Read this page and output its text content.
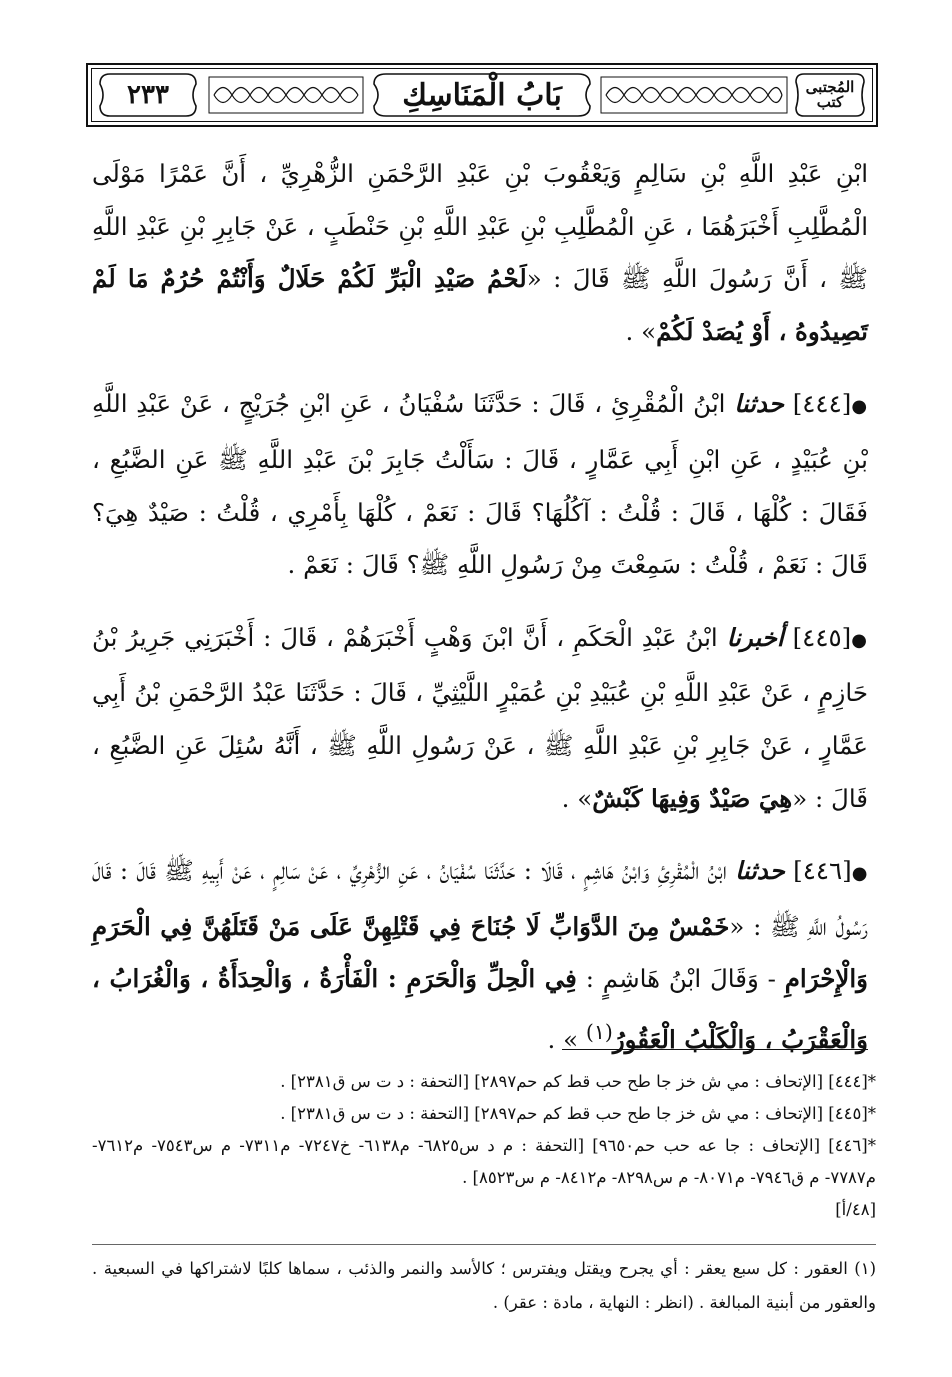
٢٣٣	بَابُ الْمَنَاسِكِ	المُجتبى
كتب

ابْنِ عَبْدِ اللَّهِ بْنِ سَالِمٍ وَيَعْقُوبَ بْنِ عَبْدِ الرَّحْمَنِ الزُّهْرِيِّ ، أَنَّ عَمْرًا مَوْلَى الْمُطَّلِبِ أَخْبَرَهُمَا ، عَنِ الْمُطَّلِبِ بْنِ عَبْدِ اللَّهِ بْنِ حَنْطَبٍ ، عَنْ جَابِرِ بْنِ عَبْدِ اللَّهِ ﷺ ، أَنَّ رَسُولَ اللَّهِ ﷺ قَالَ : «لَحْمُ صَيْدِ الْبَرِّ لَكُمْ حَلَالٌ وَأَنْتُمْ حُرُمٌ مَا لَمْ تَصِيدُوهُ ، أَوْ يُصَدْ لَكُمْ» .

●[٤٤٤] حدثنا ابْنُ الْمُقْرِئِ ، قَالَ : حَدَّثَنَا سُفْيَانُ ، عَنِ ابْنِ جُرَيْجٍ ، عَنْ عَبْدِ اللَّهِ بْنِ عُبَيْدٍ ، عَنِ ابْنِ أَبِي عَمَّارٍ ، قَالَ : سَأَلْتُ جَابِرَ بْنَ عَبْدِ اللَّهِ ﷺ عَنِ الضَّبُعِ ، فَقَالَ : كُلْهَا ، قَالَ : قُلْتُ : آكُلُهَا؟ قَالَ : نَعَمْ ، كُلْهَا بِأَمْرِي ، قُلْتُ : صَيْدٌ هِيَ؟ قَالَ : نَعَمْ ، قُلْتُ : سَمِعْتَ مِنْ رَسُولِ اللَّهِ ﷺ؟ قَالَ : نَعَمْ .

●[٤٤٥] أخبرنا ابْنُ عَبْدِ الْحَكَمِ ، أَنَّ ابْنَ وَهْبٍ أَخْبَرَهُمْ ، قَالَ : أَخْبَرَنِي جَرِيرُ بْنُ حَازِمٍ ، عَنْ عَبْدِ اللَّهِ بْنِ عُبَيْدِ بْنِ عُمَيْرٍ اللَّيْثِيِّ ، قَالَ : حَدَّثَنَا عَبْدُ الرَّحْمَنِ بْنُ أَبِي عَمَّارٍ ، عَنْ جَابِرِ بْنِ عَبْدِ اللَّهِ ﷺ ، عَنْ رَسُولِ اللَّهِ ﷺ ، أَنَّهُ سُئِلَ عَنِ الضَّبُعِ ، قَالَ : «هِيَ صَيْدٌ وَفِيهَا كَبْشٌ» .

●[٤٤٦] حدثنا ابْنُ الْمُقْرِئِ وَابْنُ هَاشِمٍ ، قَالَا : حَدَّثَنَا سُفْيَانُ ، عَنِ الزُّهْرِيِّ ، عَنْ سَالِمٍ ، عَنْ أَبِيهِ ﷺ قَالَ : قَالَ رَسُولُ اللَّهِ ﷺ : «خَمْسٌ مِنَ الدَّوَابِّ لَا جُنَاحَ فِي قَتْلِهِنَّ عَلَى مَنْ قَتَلَهُنَّ فِي الْحَرَمِ وَالْإِحْرَامِ - وَقَالَ ابْنُ هَاشِمٍ : فِي الْحِلِّ وَالْحَرَمِ : الْفَأْرَةُ ، وَالْحِدَأَةُ ، وَالْغُرَابُ ، وَالْعَقْرَبُ ، وَالْكَلْبُ الْعَقُورُ$^{(١)}$ » .

*[٤٤٤] [الإتحاف : مي ش خز جا طح حب قط كم حم٢٨٩٧] [التحفة : د ت س ق٢٣٨١] .

*[٤٤٥] [الإتحاف : مي ش خز جا طح حب قط كم حم٢٨٩٧] [التحفة : د ت س ق٢٣٨١] .

*[٤٤٦] [الإتحاف : جا عه حب حم٩٦٥٠] [التحفة : م د س٦٨٢٥- م٦١٣٨- خ٧٢٤٧- م٧٣١١- م س٧٥٤٣- م٧٦١٢- م٧٧٨٧- م ق٧٩٤٦- م٨٠٧١- م س٨٢٩٨- م٨٤١٢- م س٨٥٢٣] .

[٤٨/أ]

(١) العقور : كل سبع يعقر : أي يجرح ويقتل ويفترس ؛ كالأسد والنمر والذئب ، سماها كلبًا لاشتراكها في السبعية . والعقور من أبنية المبالغة . (انظر : النهاية ، مادة : عقر) .
